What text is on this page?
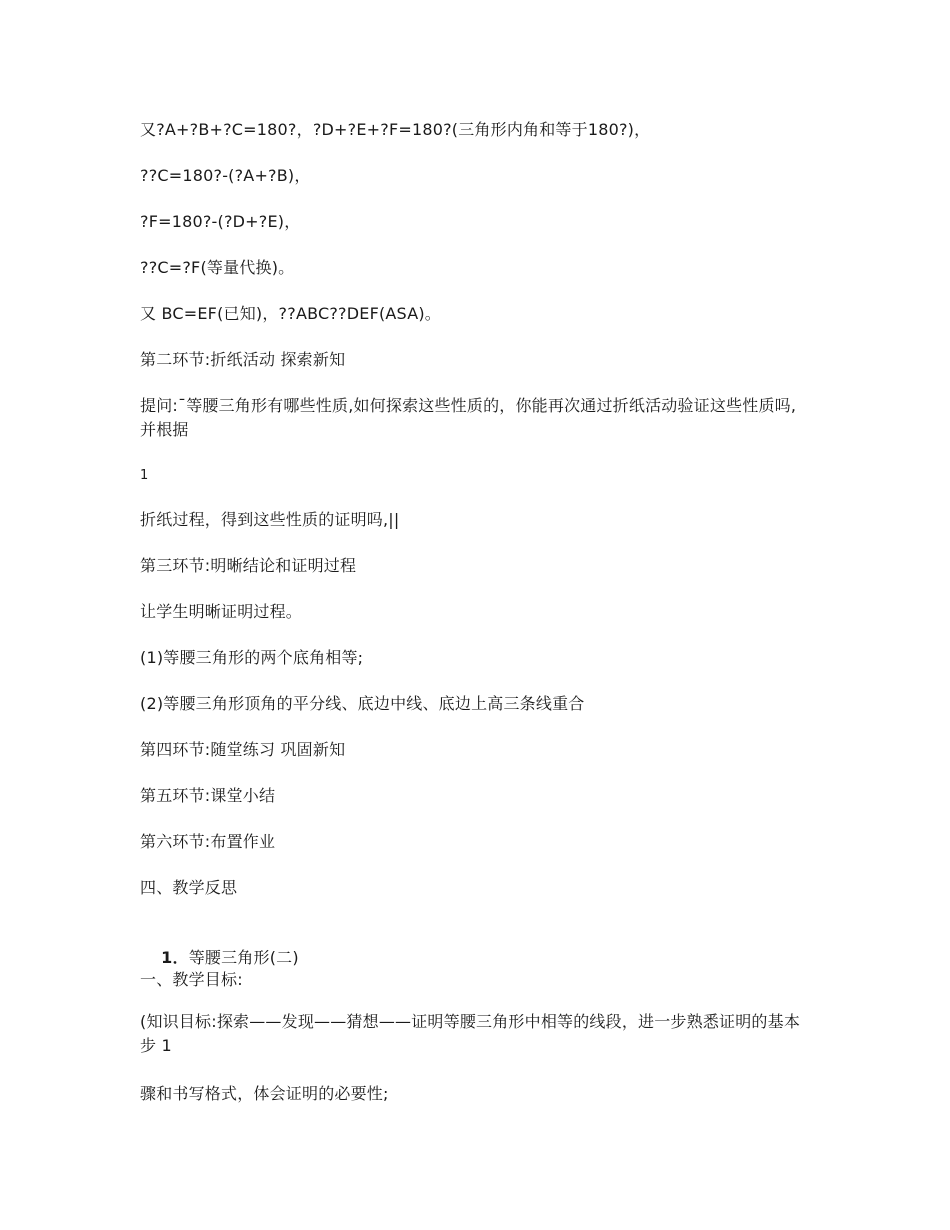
又?A+?B+?C=180?，?D+?E+?F=180?(三角形内角和等于180?)，
??C=180?-(?A+?B)，
?F=180?-(?D+?E)，
??C=?F(等量代换)。
又 BC=EF(已知)，??ABC??DEF(ASA)。
第二环节:折纸活动 探索新知
提问:¯等腰三角形有哪些性质,如何探索这些性质的，你能再次通过折纸活动验证这些性质吗,并根据
1
折纸过程，得到这些性质的证明吗,||
第三环节:明晰结论和证明过程
让学生明晰证明过程。
(1)等腰三角形的两个底角相等;
(2)等腰三角形顶角的平分线、底边中线、底边上高三条线重合
第四环节:随堂练习 巩固新知
第五环节:课堂小结
第六环节:布置作业
四、教学反思

1．等腰三角形(二)

一、教学目标:
(知识目标:探索——发现——猜想——证明等腰三角形中相等的线段，进一步熟悉证明的基本步 1
骤和书写格式，体会证明的必要性;
